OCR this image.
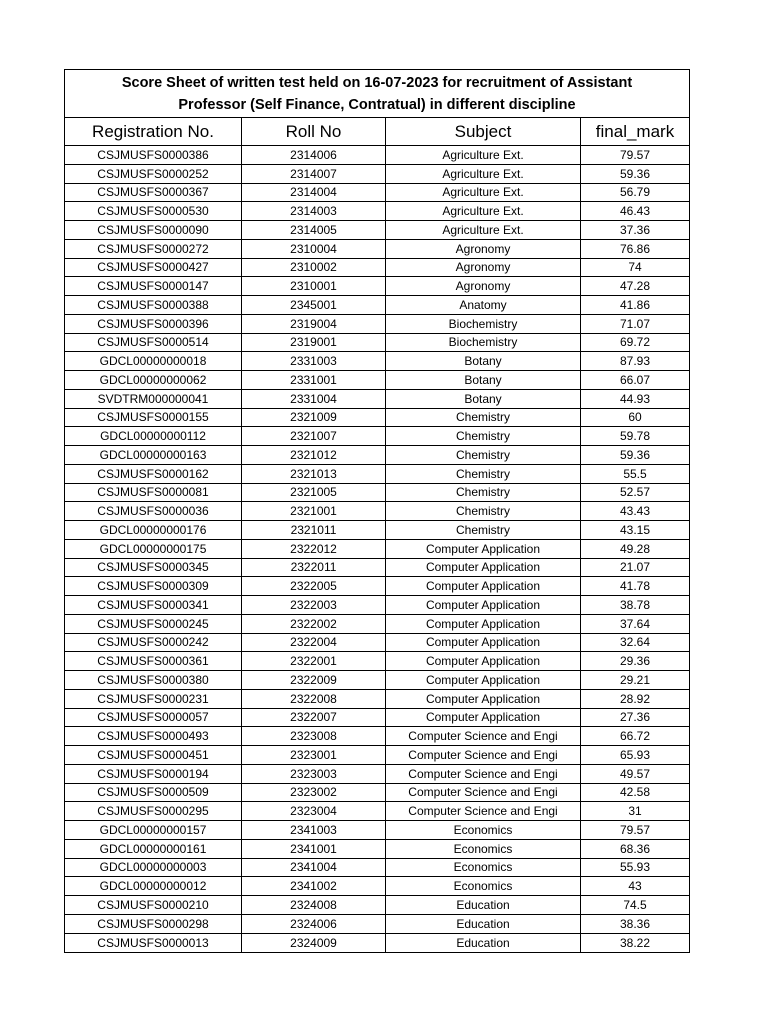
Score Sheet of written test held on 16-07-2023 for recruitment of Assistant
Professor (Self Finance, Contratual) in different discipline
Registration No.	Roll No	Subject	final_mark
CSJMUSFS0000386	2314006	Agriculture Ext.	79.57
CSJMUSFS0000252	2314007	Agriculture Ext.	59.36
CSJMUSFS0000367	2314004	Agriculture Ext.	56.79
CSJMUSFS0000530	2314003	Agriculture Ext.	46.43
CSJMUSFS0000090	2314005	Agriculture Ext.	37.36
CSJMUSFS0000272	2310004	Agronomy	76.86
CSJMUSFS0000427	2310002	Agronomy	74
CSJMUSFS0000147	2310001	Agronomy	47.28
CSJMUSFS0000388	2345001	Anatomy	41.86
CSJMUSFS0000396	2319004	Biochemistry	71.07
CSJMUSFS0000514	2319001	Biochemistry	69.72
GDCL00000000018	2331003	Botany	87.93
GDCL00000000062	2331001	Botany	66.07
SVDTRM000000041	2331004	Botany	44.93
CSJMUSFS0000155	2321009	Chemistry	60
GDCL00000000112	2321007	Chemistry	59.78
GDCL00000000163	2321012	Chemistry	59.36
CSJMUSFS0000162	2321013	Chemistry	55.5
CSJMUSFS0000081	2321005	Chemistry	52.57
CSJMUSFS0000036	2321001	Chemistry	43.43
GDCL00000000176	2321011	Chemistry	43.15
GDCL00000000175	2322012	Computer Application	49.28
CSJMUSFS0000345	2322011	Computer Application	21.07
CSJMUSFS0000309	2322005	Computer Application	41.78
CSJMUSFS0000341	2322003	Computer Application	38.78
CSJMUSFS0000245	2322002	Computer Application	37.64
CSJMUSFS0000242	2322004	Computer Application	32.64
CSJMUSFS0000361	2322001	Computer Application	29.36
CSJMUSFS0000380	2322009	Computer Application	29.21
CSJMUSFS0000231	2322008	Computer Application	28.92
CSJMUSFS0000057	2322007	Computer Application	27.36
CSJMUSFS0000493	2323008	Computer Science and Engi	66.72
CSJMUSFS0000451	2323001	Computer Science and Engi	65.93
CSJMUSFS0000194	2323003	Computer Science and Engi	49.57
CSJMUSFS0000509	2323002	Computer Science and Engi	42.58
CSJMUSFS0000295	2323004	Computer Science and Engi	31
GDCL00000000157	2341003	Economics	79.57
GDCL00000000161	2341001	Economics	68.36
GDCL00000000003	2341004	Economics	55.93
GDCL00000000012	2341002	Economics	43
CSJMUSFS0000210	2324008	Education	74.5
CSJMUSFS0000298	2324006	Education	38.36
CSJMUSFS0000013	2324009	Education	38.22
